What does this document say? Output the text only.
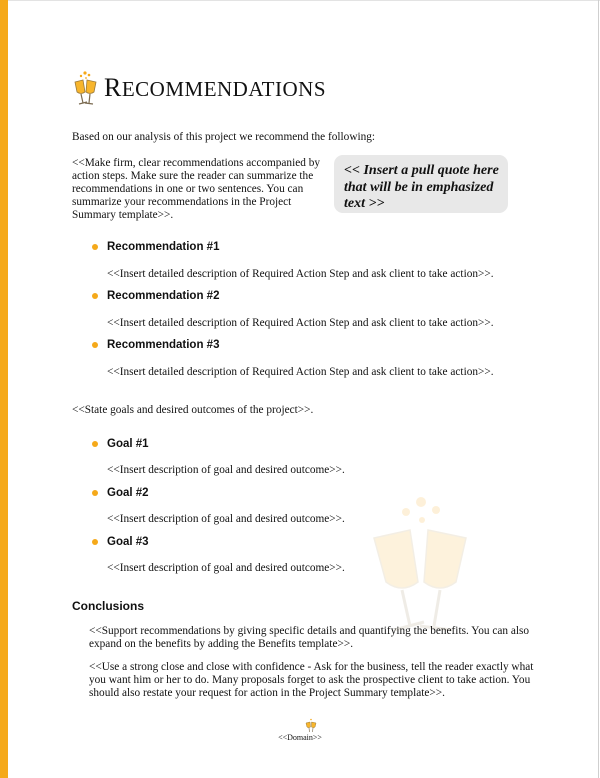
RECOMMENDATIONS
Based on our analysis of this project we recommend the following:
<<Make firm, clear recommendations accompanied by
action steps. Make sure the reader can summarize the
recommendations in one or two sentences. You can
summarize your recommendations in the Project
Summary template>>.
<< Insert a pull quote here
that will be in emphasized
text >>
Recommendation #1
<<Insert detailed description of Required Action Step and ask client to take action>>.
Recommendation #2
<<Insert detailed description of Required Action Step and ask client to take action>>.
Recommendation #3
<<Insert detailed description of Required Action Step and ask client to take action>>.
<<State goals and desired outcomes of the project>>.
Goal #1
<<Insert description of goal and desired outcome>>.
Goal #2
<<Insert description of goal and desired outcome>>.
Goal #3
<<Insert description of goal and desired outcome>>.
Conclusions
<<Support recommendations by giving specific details and quantifying the benefits. You can also
expand on the benefits by adding the Benefits template>>.
<<Use a strong close and close with confidence - Ask for the business, tell the reader exactly what
you want him or her to do. Many proposals forget to ask the prospective client to take action. You
should also restate your request for action in the Project Summary template>>.
<<Domain>>
